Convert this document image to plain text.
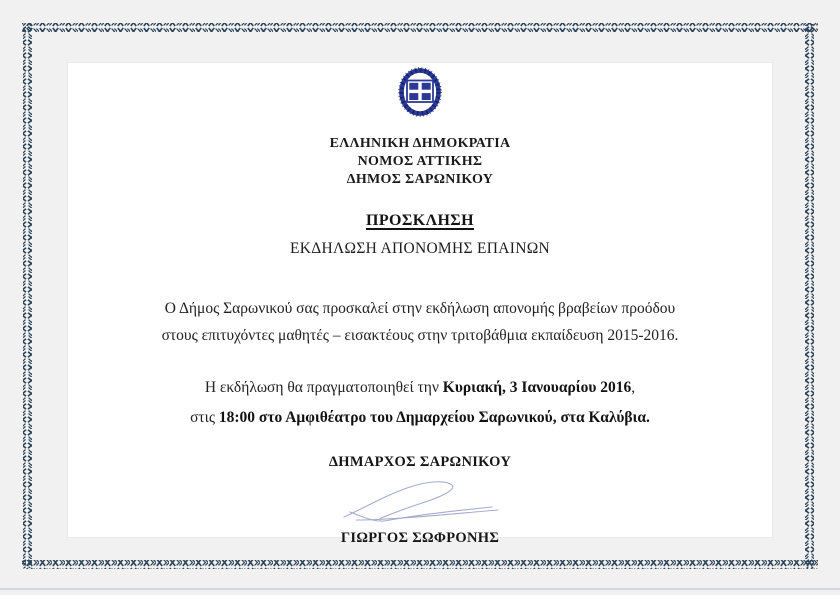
ΕΛΛΗΝΙΚΗ ΔΗΜΟΚΡΑΤΙΑ
ΝΟΜΟΣ ΑΤΤΙΚΗΣ
ΔΗΜΟΣ ΣΑΡΩΝΙΚΟΥ
ΠΡΟΣΚΛΗΣΗ
ΕΚΔΗΛΩΣΗ ΑΠΟΝΟΜΗΣ ΕΠΑΙΝΩΝ
Ο Δήμος Σαρωνικού σας προσκαλεί στην εκδήλωση απονομής βραβείων προόδου
στους επιτυχόντες μαθητές – εισακτέους στην τριτοβάθμια εκπαίδευση 2015-2016.
Η εκδήλωση θα πραγματοποιηθεί την Κυριακή, 3 Ιανουαρίου 2016,
στις 18:00 στο Αμφιθέατρο του Δημαρχείου Σαρωνικού, στα Καλύβια.
ΔΗΜΑΡΧΟΣ ΣΑΡΩΝΙΚΟΥ
ΓΙΩΡΓΟΣ ΣΩΦΡΟΝΗΣ
